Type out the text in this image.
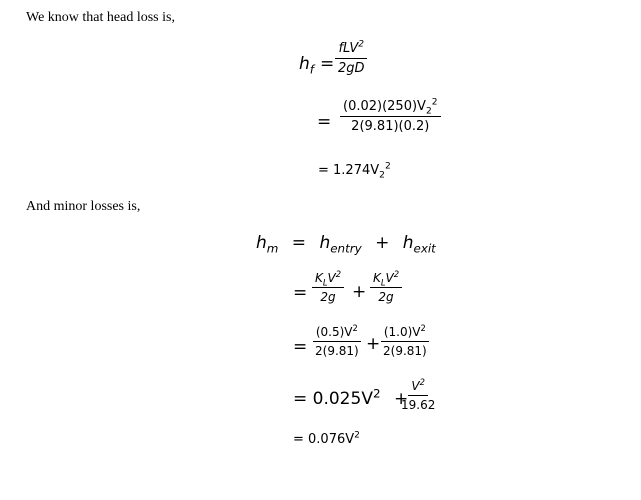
We know that head loss is,
And minor losses is,
$h_f$ =
fLV$^2$
2gD
= $\frac{(0.02)(250)V_2^2}{2(9.81)(0.2)}$
= $1.274V_2^2$
$h_m = h_{entry} + h_{exit}$
=
$K_LV^2$
2g +
$K_LV^2$
2g
= $\frac{(0.5)V^2}{2(9.81)} + \frac{(1.0)V^2}{2(9.81)}$
= $0.025V^2$ +
$\frac{V^2}{19.62}$
= $0.076V^2$
